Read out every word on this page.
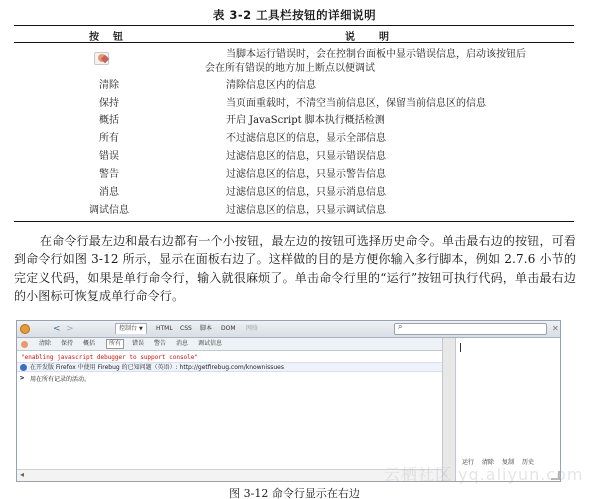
表 3-2 工具栏按钮的详细说明
按钮	说明
当脚本运行错误时，会在控制台面板中显示错误信息，启动该按钮后
会在所有错误的地方加上断点以便调试
清除	清除信息区内的信息
保持	当页面重载时，不清空当前信息区，保留当前信息区的信息
概括	开启 JavaScript 脚本执行概括检测
所有	不过滤信息区的信息，显示全部信息
错误	过滤信息区的信息，只显示错误信息
警告	过滤信息区的信息，只显示警告信息
消息	过滤信息区的信息，只显示消息信息
调试信息	过滤信息区的信息，只显示调试信息

在命令行最左边和最右边都有一个小按钮，最左边的按钮可选择历史命令。单击最右边的按钮，可看到命令行如图 3-12 所示，显示在面板右边了。这样做的目的是方便你输入多行脚本，例如 2.7.6 小节的完定义代码，如果是单行命令行，输入就很麻烦了。单击命令行里的“运行”按钮可执行代码，单击最右边的小图标可恢复成单行命令行。

< >	控制台 ▼	HTML CSS 脚本 DOM 网络	⌕	✕
清除 保持 概括	所有	错误 警告 消息 调试信息
"enabling javascript debugger to support console"
在开发版 Firefox 中使用 Firebug 的已知问题（英语）: http://getfirebug.com/knownissues
> 用在所有记录的活动。
◂
运行 清除 复制 历史
云栖社区 yq.aliyun.com
图 3-12 命令行显示在右边
